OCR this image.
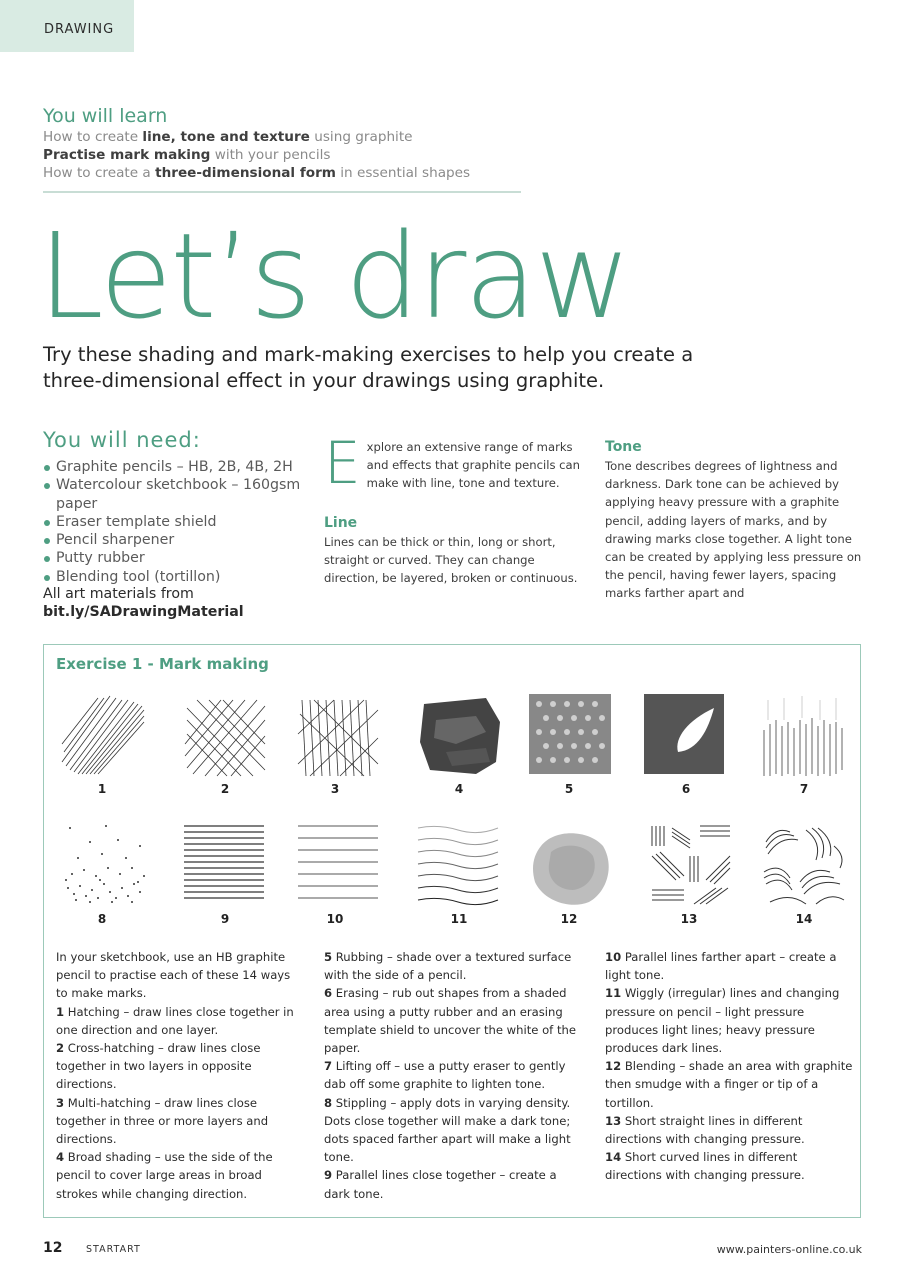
DRAWING
You will learn
How to create line, tone and texture using graphite
Practise mark making with your pencils
How to create a three-dimensional form in essential shapes
Let’s draw
Try these shading and mark-making exercises to help you create a three-dimensional effect in your drawings using graphite.
You will need:
Graphite pencils – HB, 2B, 4B, 2H
Watercolour sketchbook – 160gsm paper
Eraser template shield
Pencil sharpener
Putty rubber
Blending tool (tortillon)
All art materials from
bit.ly/SADrawingMaterial
Explore an extensive range of marks and effects that graphite pencils can make with line, tone and texture.
Line
Lines can be thick or thin, long or short, straight or curved. They can change direction, be layered, broken or continuous.
Tone
Tone describes degrees of lightness and darkness. Dark tone can be achieved by applying heavy pressure with a graphite pencil, adding layers of marks, and by drawing marks close together. A light tone can be created by applying less pressure on the pencil, having fewer layers, spacing marks farther apart and
Exercise 1 - Mark making
1	2	3	4	5	6	7
8	9	10	11	12	13	14
In your sketchbook, use an HB graphite pencil to practise each of these 14 ways to make marks.
1 Hatching – draw lines close together in one direction and one layer.
2 Cross-hatching – draw lines close together in two layers in opposite directions.
3 Multi-hatching – draw lines close together in three or more layers and directions.
4 Broad shading – use the side of the pencil to cover large areas in broad strokes while changing direction.
5 Rubbing – shade over a textured surface with the side of a pencil.
6 Erasing – rub out shapes from a shaded area using a putty rubber and an erasing template shield to uncover the white of the paper.
7 Lifting off – use a putty eraser to gently dab off some graphite to lighten tone.
8 Stippling – apply dots in varying density. Dots close together will make a dark tone; dots spaced farther apart will make a light tone.
9 Parallel lines close together – create a dark tone.
10 Parallel lines farther apart – create a light tone.
11 Wiggly (irregular) lines and changing pressure on pencil – light pressure produces light lines; heavy pressure produces dark lines.
12 Blending – shade an area with graphite then smudge with a finger or tip of a tortillon.
13 Short straight lines in different directions with changing pressure.
14 Short curved lines in different directions with changing pressure.
12 STARTART	www.painters-online.co.uk
